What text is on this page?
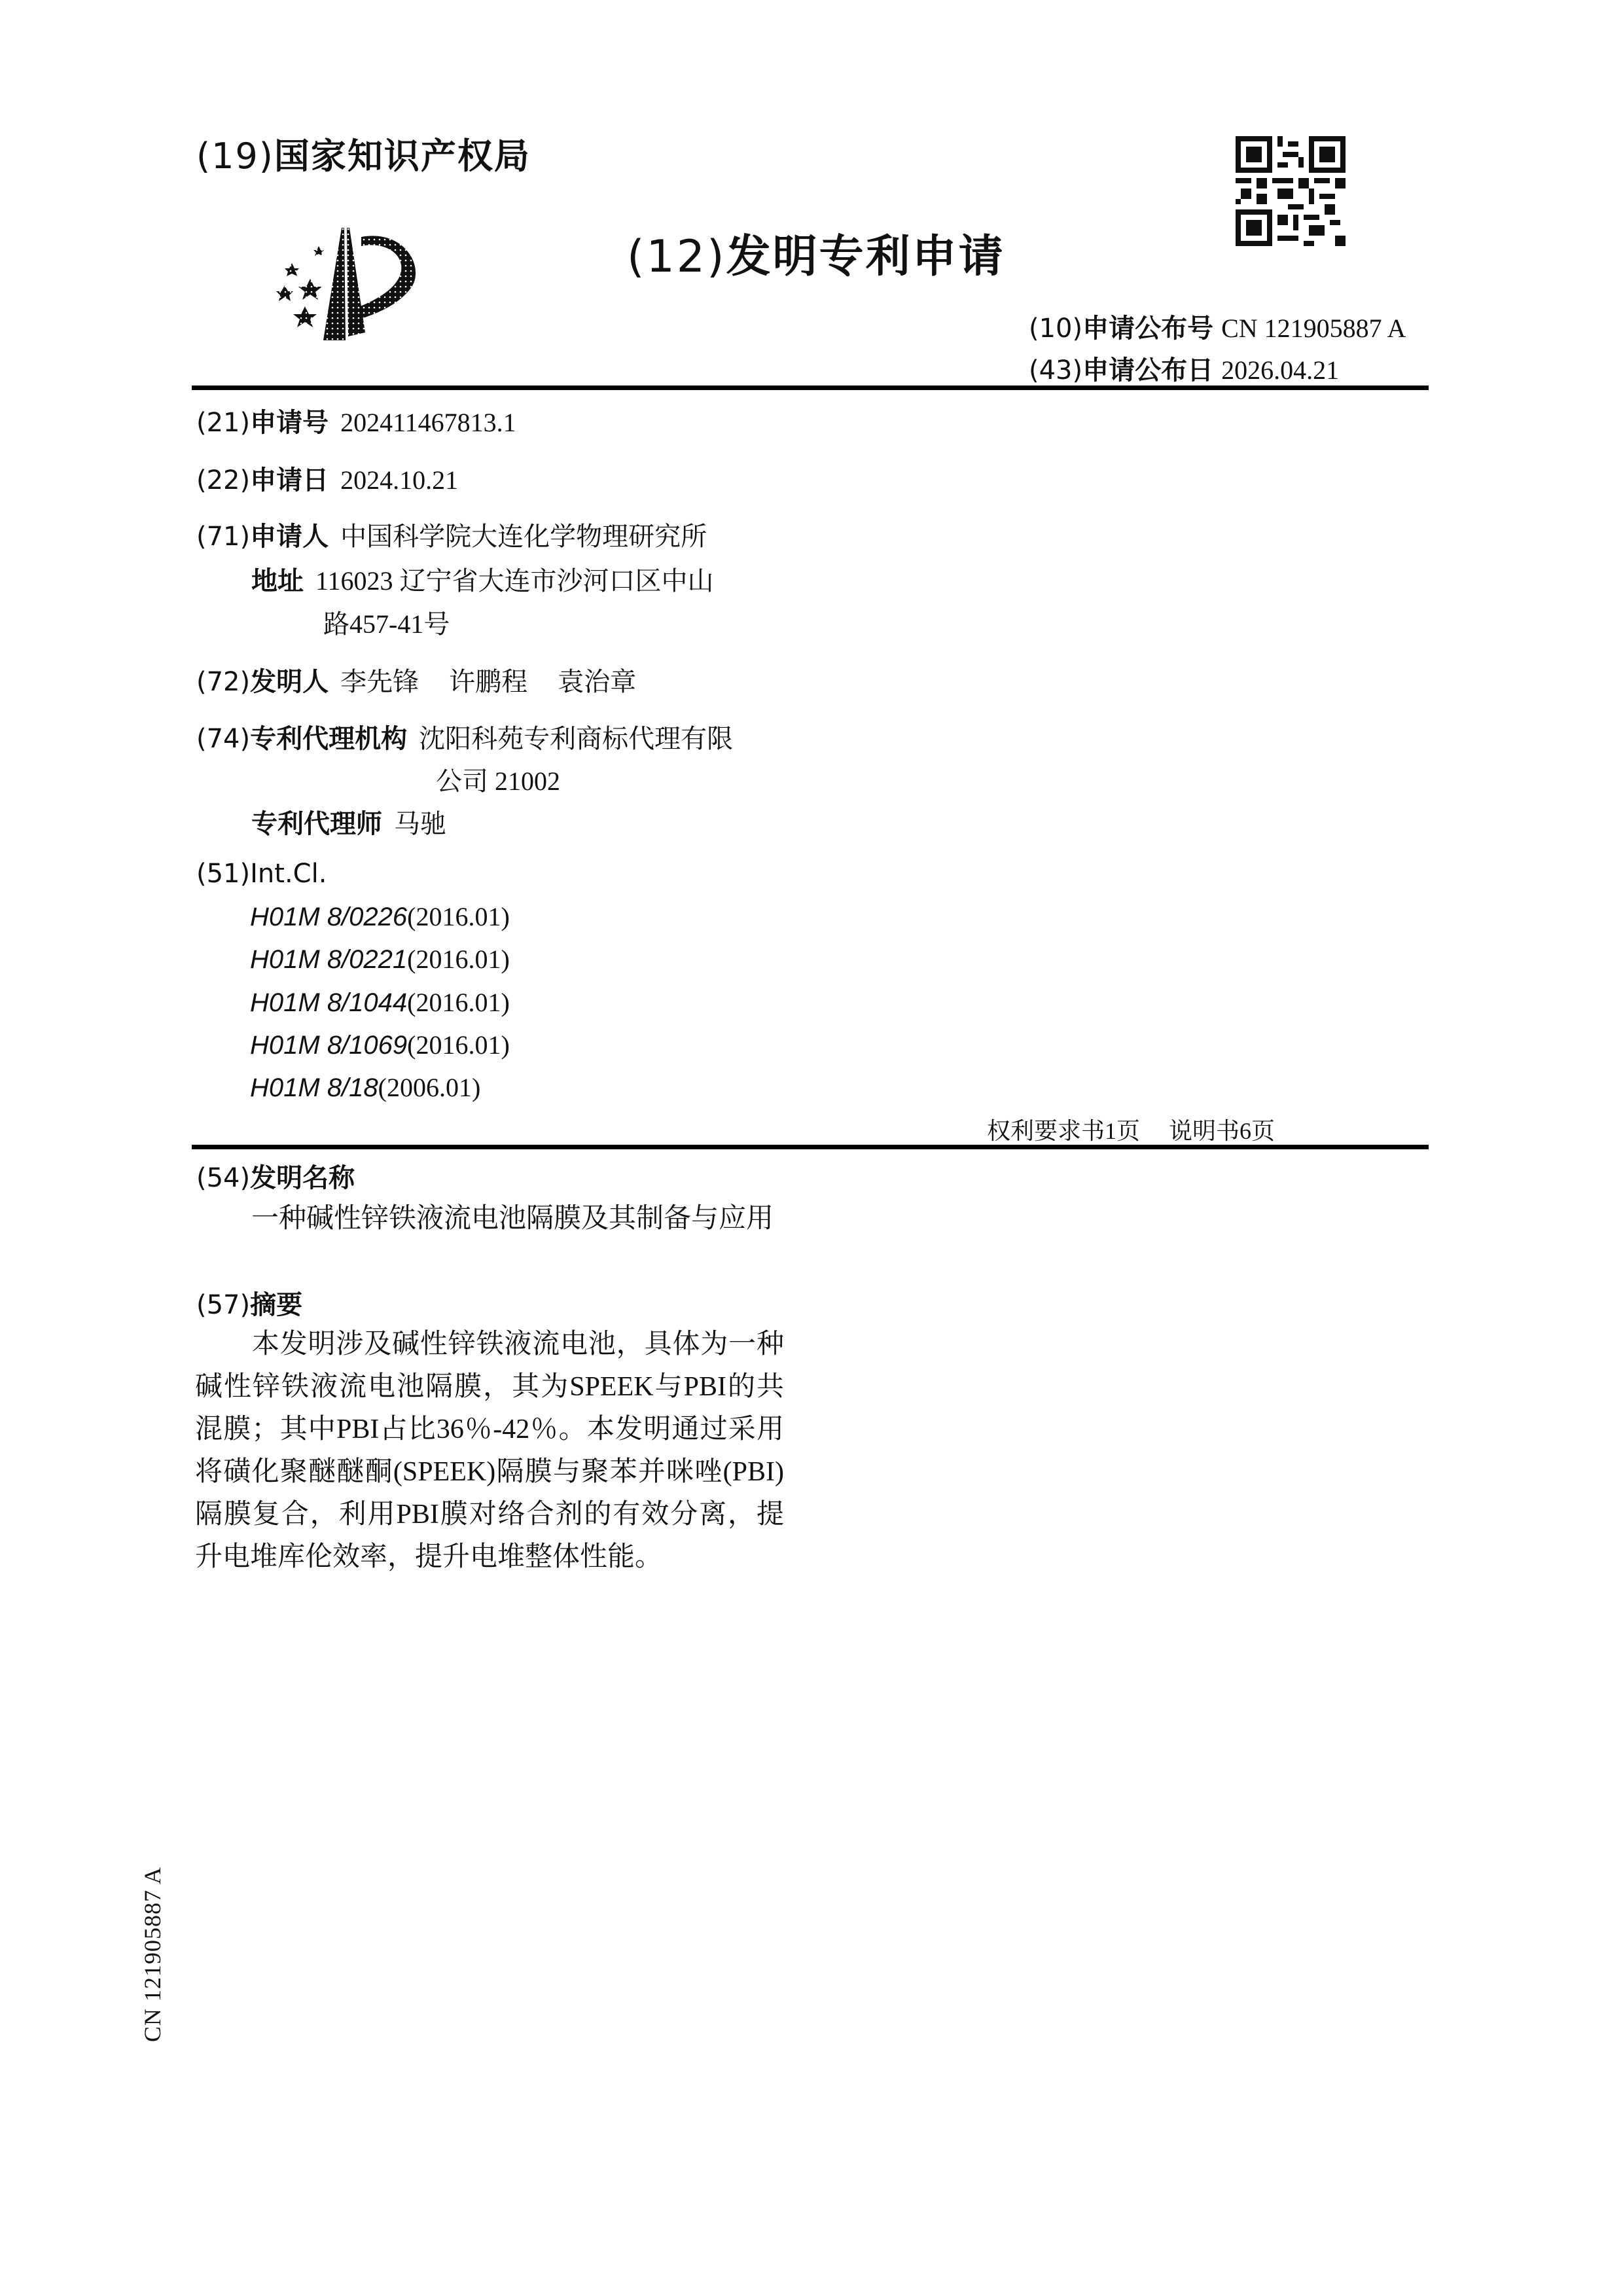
(19)国家知识产权局
(12)发明专利申请
(10)申请公布号 CN 121905887 A
(43)申请公布日 2026.04.21
(21)申请号 202411467813.1
(22)申请日 2024.10.21
(71)申请人 中国科学院大连化学物理研究所
地址 116023 辽宁省大连市沙河口区中山
路457-41号
(72)发明人 李先锋 许鹏程 袁治章
(74)专利代理机构 沈阳科苑专利商标代理有限
公司 21002
专利代理师 马驰
(51)Int.Cl.
H01M 8/0226(2016.01)
H01M 8/0221(2016.01)
H01M 8/1044(2016.01)
H01M 8/1069(2016.01)
H01M 8/18(2006.01)
权利要求书1页 说明书6页
(54)发明名称
一种碱性锌铁液流电池隔膜及其制备与应用
(57)摘要
本发明涉及碱性锌铁液流电池，具体为一种碱性锌铁液流电池隔膜，其为SPEEK与PBI的共混膜；其中PBI占比36％‑42％。本发明通过采用将磺化聚醚醚酮(SPEEK)隔膜与聚苯并咪唑(PBI)隔膜复合，利用PBI膜对络合剂的有效分离，提升电堆库伦效率，提升电堆整体性能。
CN 121905887 A
